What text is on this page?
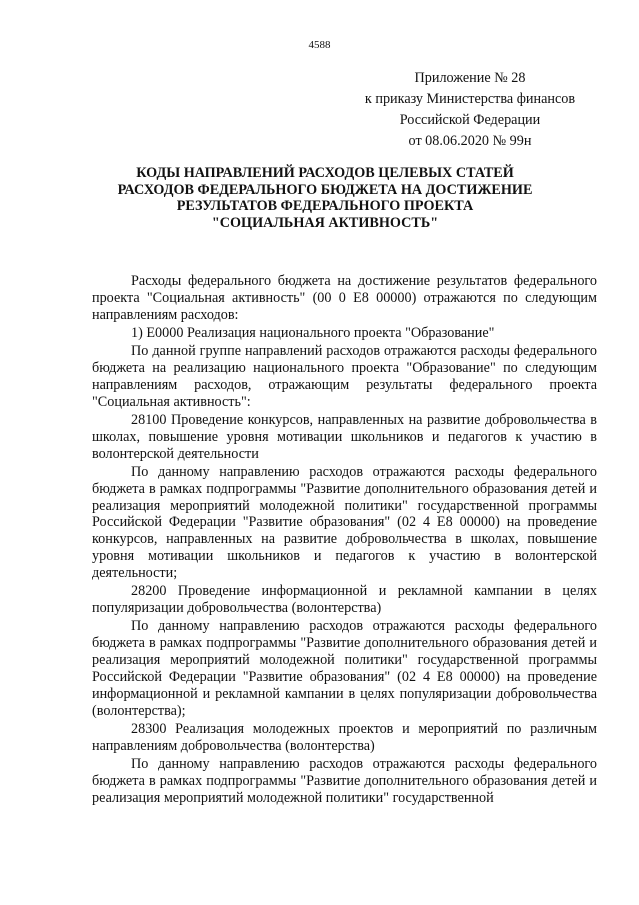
4588
Приложение № 28
к приказу Министерства финансов
Российской Федерации
от 08.06.2020 № 99н
КОДЫ НАПРАВЛЕНИЙ РАСХОДОВ ЦЕЛЕВЫХ СТАТЕЙ
РАСХОДОВ ФЕДЕРАЛЬНОГО БЮДЖЕТА НА ДОСТИЖЕНИЕ
РЕЗУЛЬТАТОВ ФЕДЕРАЛЬНОГО ПРОЕКТА
"СОЦИАЛЬНАЯ АКТИВНОСТЬ"

Расходы федерального бюджета на достижение результатов федерального проекта "Социальная активность" (00 0 Е8 00000) отражаются по следующим направлениям расходов:

1) Е0000 Реализация национального проекта "Образование"

По данной группе направлений расходов отражаются расходы федерального бюджета на реализацию национального проекта "Образование" по следующим направлениям расходов, отражающим результаты федерального проекта "Социальная активность":

28100 Проведение конкурсов, направленных на развитие добровольчества в школах, повышение уровня мотивации школьников и педагогов к участию в волонтерской деятельности

По данному направлению расходов отражаются расходы федерального бюджета в рамках подпрограммы "Развитие дополнительного образования детей и реализация мероприятий молодежной политики" государственной программы Российской Федерации "Развитие образования" (02 4 Е8 00000) на проведение конкурсов, направленных на развитие добровольчества в школах, повышение уровня мотивации школьников и педагогов к участию в волонтерской деятельности;

28200 Проведение информационной и рекламной кампании в целях популяризации добровольчества (волонтерства)

По данному направлению расходов отражаются расходы федерального бюджета в рамках подпрограммы "Развитие дополнительного образования детей и реализация мероприятий молодежной политики" государственной программы Российской Федерации "Развитие образования" (02 4 Е8 00000) на проведение информационной и рекламной кампании в целях популяризации добровольчества (волонтерства);

28300 Реализация молодежных проектов и мероприятий по различным направлениям добровольчества (волонтерства)

По данному направлению расходов отражаются расходы федерального бюджета в рамках подпрограммы "Развитие дополнительного образования детей и реализация мероприятий молодежной политики" государственной
